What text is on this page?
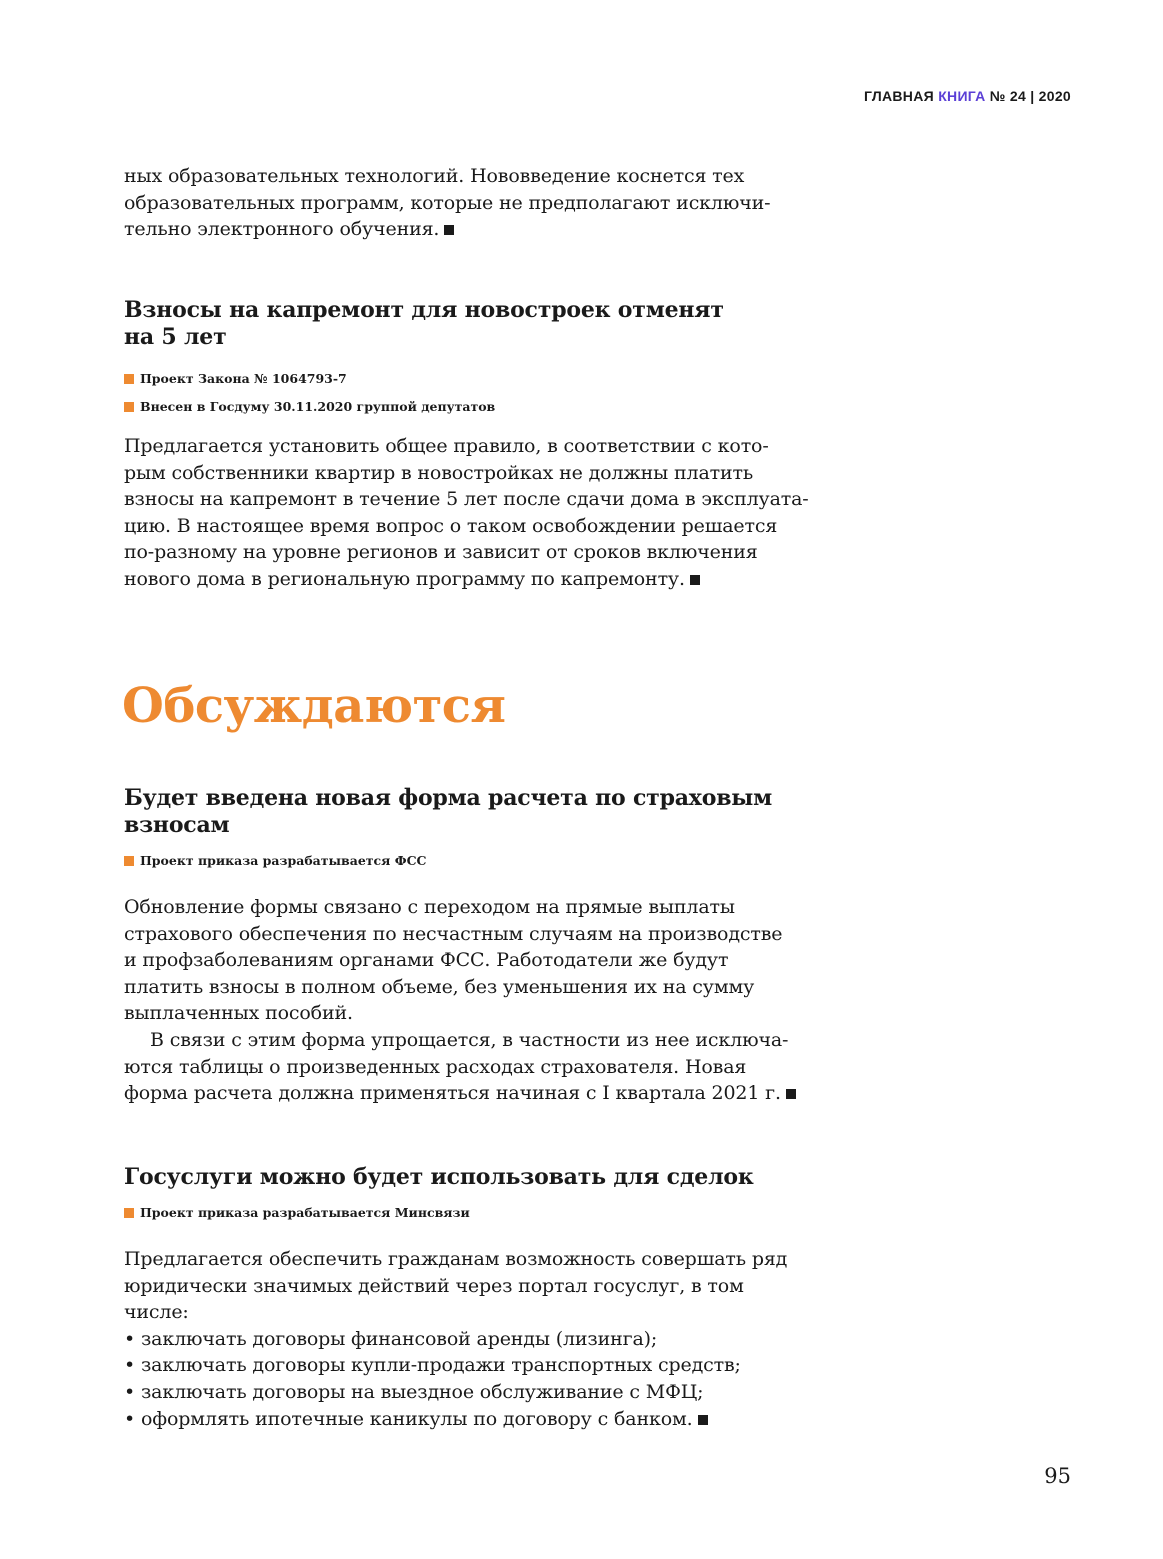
ГЛАВНАЯ КНИГА № 24 | 2020

ных образовательных технологий. Нововведение коснется тех

образовательных программ, которые не предполагают исключи-

тельно электронного обучения.

Взносы на капремонт для новостроек отменят
на 5 лет

Проект Закона № 1064793-7

Внесен в Госдуму 30.11.2020 группой депутатов

Предлагается установить общее правило, в соответствии с кото-

рым собственники квартир в новостройках не должны платить

взносы на капремонт в течение 5 лет после сдачи дома в эксплуата-

цию. В настоящее время вопрос о таком освобождении решается

по-разному на уровне регионов и зависит от сроков включения

нового дома в региональную программу по капремонту.

Обсуждаются
Будет введена новая форма расчета по страховым
взносам

Проект приказа разрабатывается ФСС

Обновление формы связано с переходом на прямые выплаты

страхового обеспечения по несчастным случаям на производстве

и профзаболеваниям органами ФСС. Работодатели же будут

платить взносы в полном объеме, без уменьшения их на сумму

выплаченных пособий.

В связи с этим форма упрощается, в частности из нее исключа-

ются таблицы о произведенных расходах страхователя. Новая

форма расчета должна применяться начиная с I квартала 2021 г.

Госуслуги можно будет использовать для сделок

Проект приказа разрабатывается Минсвязи

Предлагается обеспечить гражданам возможность совершать ряд

юридически значимых действий через портал госуслуг, в том числе:

• заключать договоры финансовой аренды (лизинга);
• заключать договоры купли-продажи транспортных средств;
• заключать договоры на выездное обслуживание с МФЦ;
• оформлять ипотечные каникулы по договору с банком.
95
